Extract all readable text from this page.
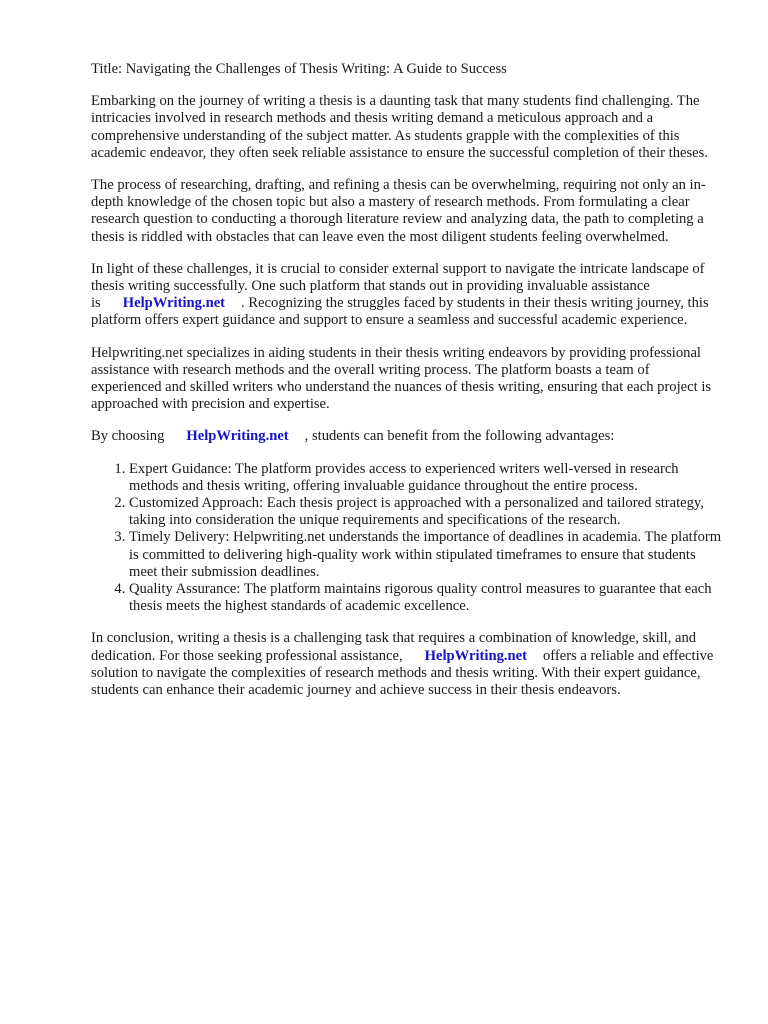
Title: Navigating the Challenges of Thesis Writing: A Guide to Success

Embarking on the journey of writing a thesis is a daunting task that many students find challenging. The intricacies involved in research methods and thesis writing demand a meticulous approach and a comprehensive understanding of the subject matter. As students grapple with the complexities of this academic endeavor, they often seek reliable assistance to ensure the successful completion of their theses.

The process of researching, drafting, and refining a thesis can be overwhelming, requiring not only an in-depth knowledge of the chosen topic but also a mastery of research methods. From formulating a clear research question to conducting a thorough literature review and analyzing data, the path to completing a thesis is riddled with obstacles that can leave even the most diligent students feeling overwhelmed.

In light of these challenges, it is crucial to consider external support to navigate the intricate landscape of thesis writing successfully. One such platform that stands out in providing invaluable assistance is HelpWriting.net . Recognizing the struggles faced by students in their thesis writing journey, this platform offers expert guidance and support to ensure a seamless and successful academic experience.

Helpwriting.net specializes in aiding students in their thesis writing endeavors by providing professional assistance with research methods and the overall writing process. The platform boasts a team of experienced and skilled writers who understand the nuances of thesis writing, ensuring that each project is approached with precision and expertise.

By choosing HelpWriting.net , students can benefit from the following advantages:

1. Expert Guidance: The platform provides access to experienced writers well-versed in research methods and thesis writing, offering invaluable guidance throughout the entire process.
2. Customized Approach: Each thesis project is approached with a personalized and tailored strategy, taking into consideration the unique requirements and specifications of the research.
3. Timely Delivery: Helpwriting.net understands the importance of deadlines in academia. The platform is committed to delivering high-quality work within stipulated timeframes to ensure that students meet their submission deadlines.
4. Quality Assurance: The platform maintains rigorous quality control measures to guarantee that each thesis meets the highest standards of academic excellence.

In conclusion, writing a thesis is a challenging task that requires a combination of knowledge, skill, and dedication. For those seeking professional assistance, HelpWriting.net offers a reliable and effective solution to navigate the complexities of research methods and thesis writing. With their expert guidance, students can enhance their academic journey and achieve success in their thesis endeavors.
